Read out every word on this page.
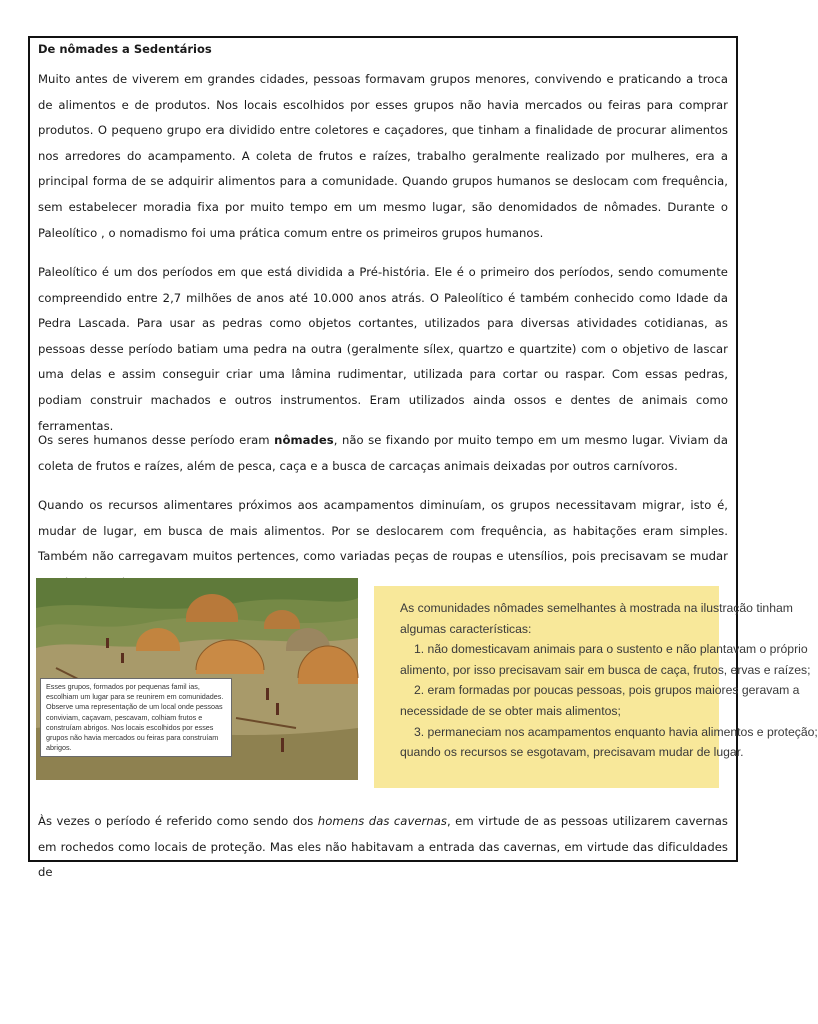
De nômades a Sedentários

Muito antes de viverem em grandes cidades, pessoas formavam grupos menores, convivendo e praticando a troca de alimentos e de produtos. Nos locais escolhidos por esses grupos não havia mercados ou feiras para comprar produtos. O pequeno grupo era dividido entre coletores e caçadores, que tinham a finalidade de procurar alimentos nos arredores do acampamento. A coleta de frutos e raízes, trabalho geralmente realizado por mulheres, era a principal forma de se adquirir alimentos para a comunidade. Quando grupos humanos se deslocam com frequência, sem estabelecer moradia fixa por muito tempo em um mesmo lugar, são denomidados de nômades. Durante o Paleolítico , o nomadismo foi uma prática comum entre os primeiros grupos humanos.

Paleolítico é um dos períodos em que está dividida a Pré-história. Ele é o primeiro dos períodos, sendo comumente compreendido entre 2,7 milhões de anos até 10.000 anos atrás. O Paleolítico é também conhecido como Idade da Pedra Lascada. Para usar as pedras como objetos cortantes, utilizados para diversas atividades cotidianas, as pessoas desse período batiam uma pedra na outra (geralmente sílex, quartzo e quartzite) com o objetivo de lascar uma delas e assim conseguir criar uma lâmina rudimentar, utilizada para cortar ou raspar. Com essas pedras, podiam construir machados e outros instrumentos. Eram utilizados ainda ossos e dentes de animais como ferramentas.

Os seres humanos desse período eram nômades, não se fixando por muito tempo em um mesmo lugar. Viviam da coleta de frutos e raízes, além de pesca, caça e a busca de carcaças animais deixadas por outros carnívoros.

Quando os recursos alimentares próximos aos acampamentos diminuíam, os grupos necessitavam migrar, isto é, mudar de lugar, em busca de mais alimentos. Por se deslocarem com frequência, as habitações eram simples. Também não carregavam muitos pertences, como variadas peças de roupas e utensílios, pois precisavam se mudar

Esses grupos, formados por pequenas famil ias, escolhiam um lugar para se reunirem em comunidades. Observe uma representação de um local onde pessoas conviviam, caçavam, pescavam, colhiam frutos e construíam abrigos. Nos locais escolhidos por esses grupos não havia mercados ou feiras para construíam abrigos.
As comunidades nômades semelhantes à mostrada na ilustração tinham
algumas características:
1. não domesticavam animais para o sustento e não plantavam o próprio
alimento, por isso precisavam sair em busca de caça, frutos, ervas e raízes;
2. eram formadas por poucas pessoas, pois grupos maiores geravam a
necessidade de se obter mais alimentos;
3. permaneciam nos acampamentos enquanto havia alimentos e proteção;
quando os recursos se esgotavam, precisavam mudar de lugar.

Às vezes o período é referido como sendo dos homens das cavernas, em virtude de as pessoas utilizarem cavernas em rochedos como locais de proteção. Mas eles não habitavam a entrada das cavernas, em virtude das dificuldades de
